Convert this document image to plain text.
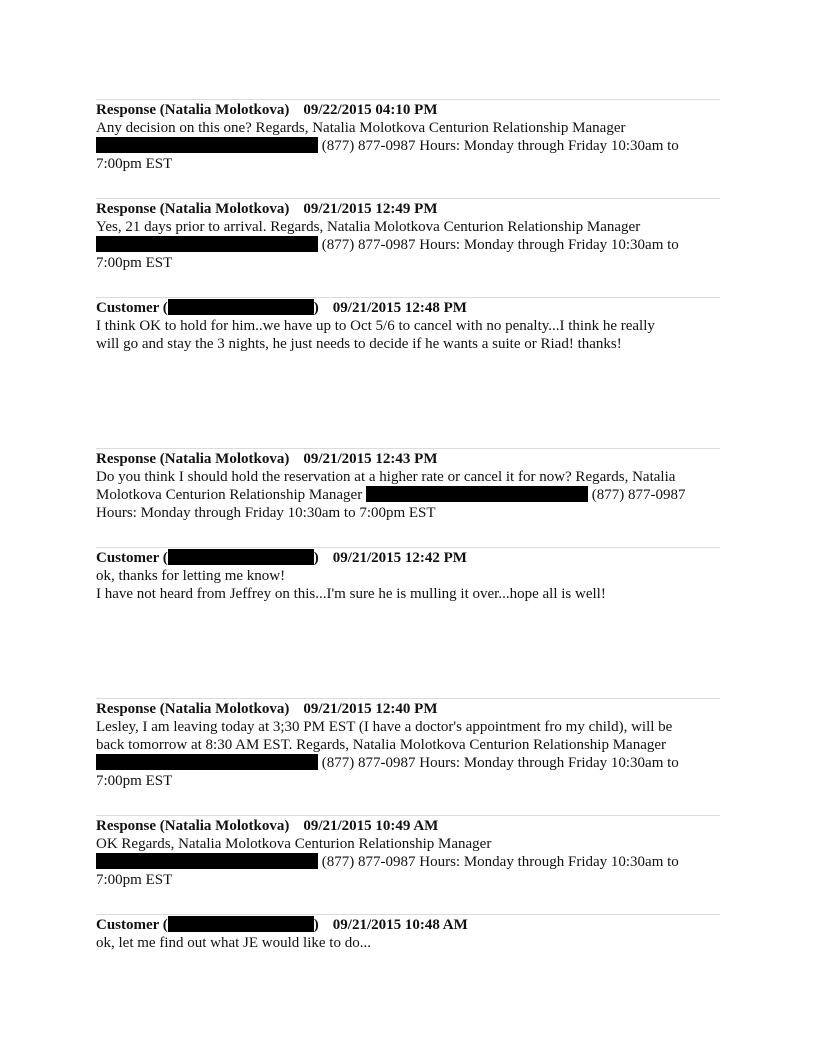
Response (Natalia Molotkova) 09/22/2015 04:10 PM
Any decision on this one? Regards, Natalia Molotkova Centurion Relationship Manager
(877) 877-0987 Hours: Monday through Friday 10:30am to
7:00pm EST
Response (Natalia Molotkova) 09/21/2015 12:49 PM
Yes, 21 days prior to arrival. Regards, Natalia Molotkova Centurion Relationship Manager
(877) 877-0987 Hours: Monday through Friday 10:30am to
7:00pm EST
Customer (	) 09/21/2015 12:48 PM
I think OK to hold for him..we have up to Oct 5/6 to cancel with no penalty...I think he really
will go and stay the 3 nights, he just needs to decide if he wants a suite or Riad! thanks!
Response (Natalia Molotkova) 09/21/2015 12:43 PM
Do you think I should hold the reservation at a higher rate or cancel it for now? Regards, Natalia
Molotkova Centurion Relationship Manager	(877) 877-0987
Hours: Monday through Friday 10:30am to 7:00pm EST
Customer (	) 09/21/2015 12:42 PM
ok, thanks for letting me know!
I have not heard from Jeffrey on this...I'm sure he is mulling it over...hope all is well!
Response (Natalia Molotkova) 09/21/2015 12:40 PM
Lesley, I am leaving today at 3;30 PM EST (I have a doctor's appointment fro my child), will be
back tomorrow at 8:30 AM EST. Regards, Natalia Molotkova Centurion Relationship Manager
(877) 877-0987 Hours: Monday through Friday 10:30am to
7:00pm EST
Response (Natalia Molotkova) 09/21/2015 10:49 AM
OK Regards, Natalia Molotkova Centurion Relationship Manager
(877) 877-0987 Hours: Monday through Friday 10:30am to
7:00pm EST
Customer (	) 09/21/2015 10:48 AM
ok, let me find out what JE would like to do...
